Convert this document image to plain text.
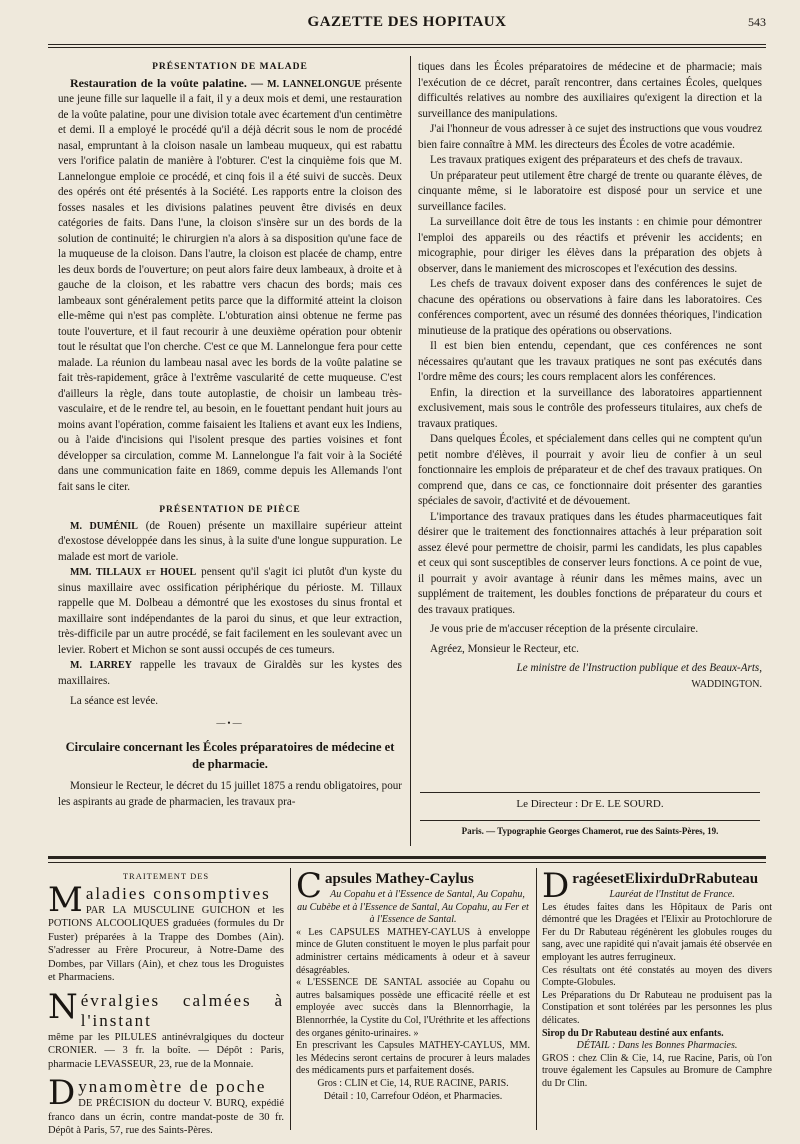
GAZETTE DES HOPITAUX	543

PRÉSENTATION DE MALADE

Restauration de la voûte palatine. — M. LANNELONGUE présente une jeune fille sur laquelle il a fait, il y a deux mois et demi, une restauration de la voûte palatine, pour une division totale avec écartement d'un centimètre et demi. Il a employé le procédé qu'il a déjà décrit sous le nom de procédé nasal, empruntant à la cloison nasale un lambeau muqueux, qui est rabattu vers l'orifice palatin de manière à l'obturer. C'est la cinquième fois que M. Lannelongue emploie ce procédé, et cinq fois il a été suivi de succès. Deux des opérés ont été présentés à la Société. Les rapports entre la cloison des fosses nasales et les divisions palatines peuvent être divisés en deux catégories de faits. Dans l'une, la cloison s'insère sur un des bords de la solution de continuité; le chirurgien n'a alors à sa disposition qu'une face de la muqueuse de la cloison. Dans l'autre, la cloison est placée de champ, entre les deux bords de l'ouverture; on peut alors faire deux lambeaux, à droite et à gauche de la cloison, et les rabattre vers chacun des bords; mais ces lambeaux sont généralement petits parce que la difformité atteint la cloison elle-même qui n'est pas complète. L'obturation ainsi obtenue ne ferme pas toute l'ouverture, et il faut recourir à une deuxième opération pour obtenir tout le résultat que l'on cherche. C'est ce que M. Lannelongue fera pour cette malade. La réunion du lambeau nasal avec les bords de la voûte palatine se fait très-rapidement, grâce à l'extrême vascularité de cette muqueuse. C'est d'ailleurs la règle, dans toute autoplastie, de choisir un lambeau très-vasculaire, et de le rendre tel, au besoin, en le fouettant pendant huit jours au moins avant l'opération, comme faisaient les Italiens et avant eux les Indiens, ou à l'aide d'incisions qui l'isolent presque des parties voisines et font développer sa circulation, comme M. Lannelongue l'a fait voir à la Société dans une communication faite en 1869, comme depuis les Allemands l'ont fait sans le citer.

PRÉSENTATION DE PIÈCE

M. DUMÉNIL (de Rouen) présente un maxillaire supérieur atteint d'exostose développée dans les sinus, à la suite d'une longue suppuration. Le malade est mort de variole.

MM. TILLAUX et HOUEL pensent qu'il s'agit ici plutôt d'un kyste du sinus maxillaire avec ossification périphérique du périoste. M. Tillaux rappelle que M. Dolbeau a démontré que les exostoses du sinus frontal et maxillaire sont indépendantes de la paroi du sinus, et que leur extraction, très-difficile par un autre procédé, se fait facilement en les soulevant avec un levier. Robert et Michon se sont aussi occupés de ces tumeurs.

M. LARREY rappelle les travaux de Giraldès sur les kystes des maxillaires.

La séance est levée.

—•—
Circulaire concernant les Écoles préparatoires de médecine et de pharmacie.

Monsieur le Recteur, le décret du 15 juillet 1875 a rendu obligatoires, pour les aspirants au grade de pharmacien, les travaux pra-

tiques dans les Écoles préparatoires de médecine et de pharmacie; mais l'exécution de ce décret, paraît rencontrer, dans certaines Écoles, quelques difficultés relatives au nombre des auxiliaires qu'exigent la direction et la surveillance des manipulations.

J'ai l'honneur de vous adresser à ce sujet des instructions que vous voudrez bien faire connaître à MM. les directeurs des Écoles de votre académie.

Les travaux pratiques exigent des préparateurs et des chefs de travaux.

Un préparateur peut utilement être chargé de trente ou quarante élèves, de cinquante même, si le laboratoire est disposé pour un service et une surveillance faciles.

La surveillance doit être de tous les instants : en chimie pour démontrer l'emploi des appareils ou des réactifs et prévenir les accidents; en micographie, pour diriger les élèves dans la préparation des objets à observer, dans le maniement des microscopes et l'exécution des dessins.

Les chefs de travaux doivent exposer dans des conférences le sujet de chacune des opérations ou observations à faire dans les laboratoires. Ces conférences comportent, avec un résumé des données théoriques, l'indication minutieuse de la pratique des opérations ou observations.

Il est bien bien entendu, cependant, que ces conférences ne sont nécessaires qu'autant que les travaux pratiques ne sont pas exécutés dans l'ordre même des cours; les cours remplacent alors les conférences.

Enfin, la direction et la surveillance des laboratoires appartiennent exclusivement, mais sous le contrôle des professeurs titulaires, aux chefs de travaux pratiques.

Dans quelques Écoles, et spécialement dans celles qui ne comptent qu'un petit nombre d'élèves, il pourrait y avoir lieu de confier à un seul fonctionnaire les emplois de préparateur et de chef des travaux pratiques. On comprend que, dans ce cas, ce fonctionnaire doit présenter des garanties spéciales de savoir, d'activité et de dévouement.

L'importance des travaux pratiques dans les études pharmaceutiques fait désirer que le traitement des fonctionnaires attachés à leur préparation soit assez élevé pour permettre de choisir, parmi les candidats, les plus capables et ceux qui sont susceptibles de conserver leurs fonctions. A ce point de vue, il pourrait y avoir avantage à réunir dans les mêmes mains, avec un supplément de traitement, les doubles fonctions de préparateur du cours et des travaux pratiques.

Je vous prie de m'accuser réception de la présente circulaire.

Agréez, Monsieur le Recteur, etc.

Le ministre de l'Instruction publique et des Beaux-Arts,

WADDINGTON.

Le Directeur : Dr E. LE SOURD.
Paris. — Typographie Georges Chamerot, rue des Saints-Pères, 19.

TRAITEMENT DES

M aladies consomptives

PAR LA MUSCULINE GUICHON et les POTIONS ALCOOLIQUES graduées (formules du Dr Fuster) préparées à la Trappe des Dombes (Ain). S'adresser au Frère Procureur, à Notre-Dame des Dombes, par Villars (Ain), et chez tous les Droguistes et Pharmaciens.

Névralgies calmées à l'instant

même par les PILULES antinévralgiques du docteur CRONIER. — 3 fr. la boîte. — Dépôt : Paris, pharmacie LEVASSEUR, 23, rue de la Monnaie.

Dynamomètre de poche

DE PRÉCISION du docteur V. BURQ, expédié franco dans un écrin, contre mandat-poste de 30 fr. Dépôt à Paris, 57, rue des Saints-Pères.

Capsules Mathey-Caylus

Au Copahu et à l'Essence de Santal, Au Copahu, au Cubèbe et à l'Essence de Santal, Au Copahu, au Fer et à l'Essence de Santal.

« Les CAPSULES MATHEY-CAYLUS à enveloppe mince de Gluten constituent le moyen le plus parfait pour administrer certains médicaments à odeur et à saveur désagréables.

« L'ESSENCE DE SANTAL associée au Copahu ou autres balsamiques possède une efficacité réelle et est employée avec succès dans la Blennorrhagie, la Blennorrhée, la Cystite du Col, l'Uréthrite et les affections des organes génito-urinaires. »

En prescrivant les Capsules MATHEY-CAYLUS, MM. les Médecins seront certains de procurer à leurs malades des médicaments purs et parfaitement dosés.

Gros : CLIN et Cie, 14, RUE RACINE, PARIS.

Détail : 10, Carrefour Odéon, et Pharmacies.

DragéesetElixirduDrRabuteau

Lauréat de l'Institut de France.

Les études faites dans les Hôpitaux de Paris ont démontré que les Dragées et l'Elixir au Protochlorure de Fer du Dr Rabuteau régénèrent les globules rouges du sang, avec une rapidité qui n'avait jamais été observée en employant les autres ferrugineux.

Ces résultats ont été constatés au moyen des divers Compte-Globules.

Les Préparations du Dr Rabuteau ne produisent pas la Constipation et sont tolérées par les personnes les plus délicates.

Sirop du Dr Rabuteau destiné aux enfants.

DÉTAIL : Dans les Bonnes Pharmacies.

GROS : chez Clin & Cie, 14, rue Racine, Paris, où l'on trouve également les Capsules au Bromure de Camphre du Dr Clin.
